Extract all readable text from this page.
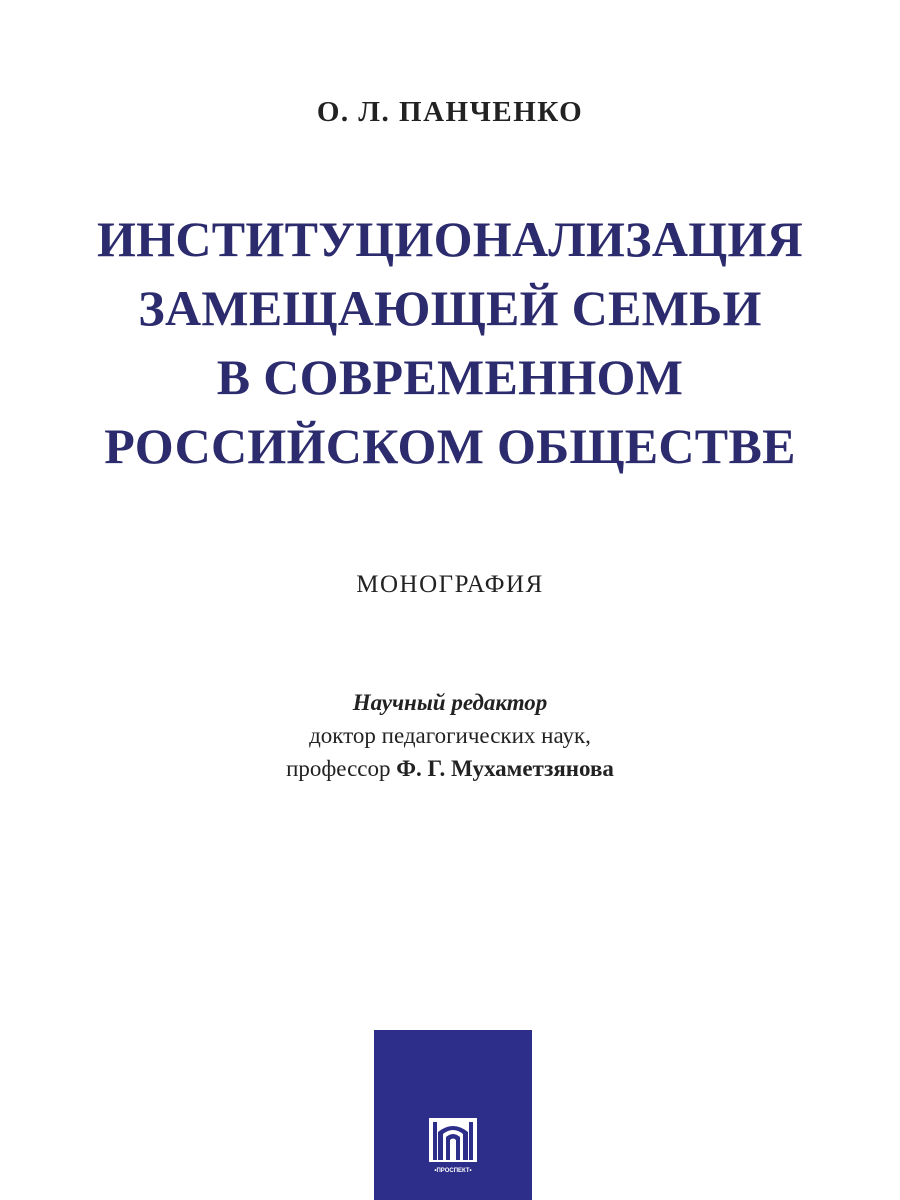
О. Л. ПАНЧЕНКО
ИНСТИТУЦИОНАЛИЗАЦИЯ
ЗАМЕЩАЮЩЕЙ СЕМЬИ
В СОВРЕМЕННОМ
РОССИЙСКОМ ОБЩЕСТВЕ
МОНОГРАФИЯ
Научный редактор
доктор педагогических наук,
профессор Ф. Г. Мухаметзянова
•ПРОСПЕКТ•
